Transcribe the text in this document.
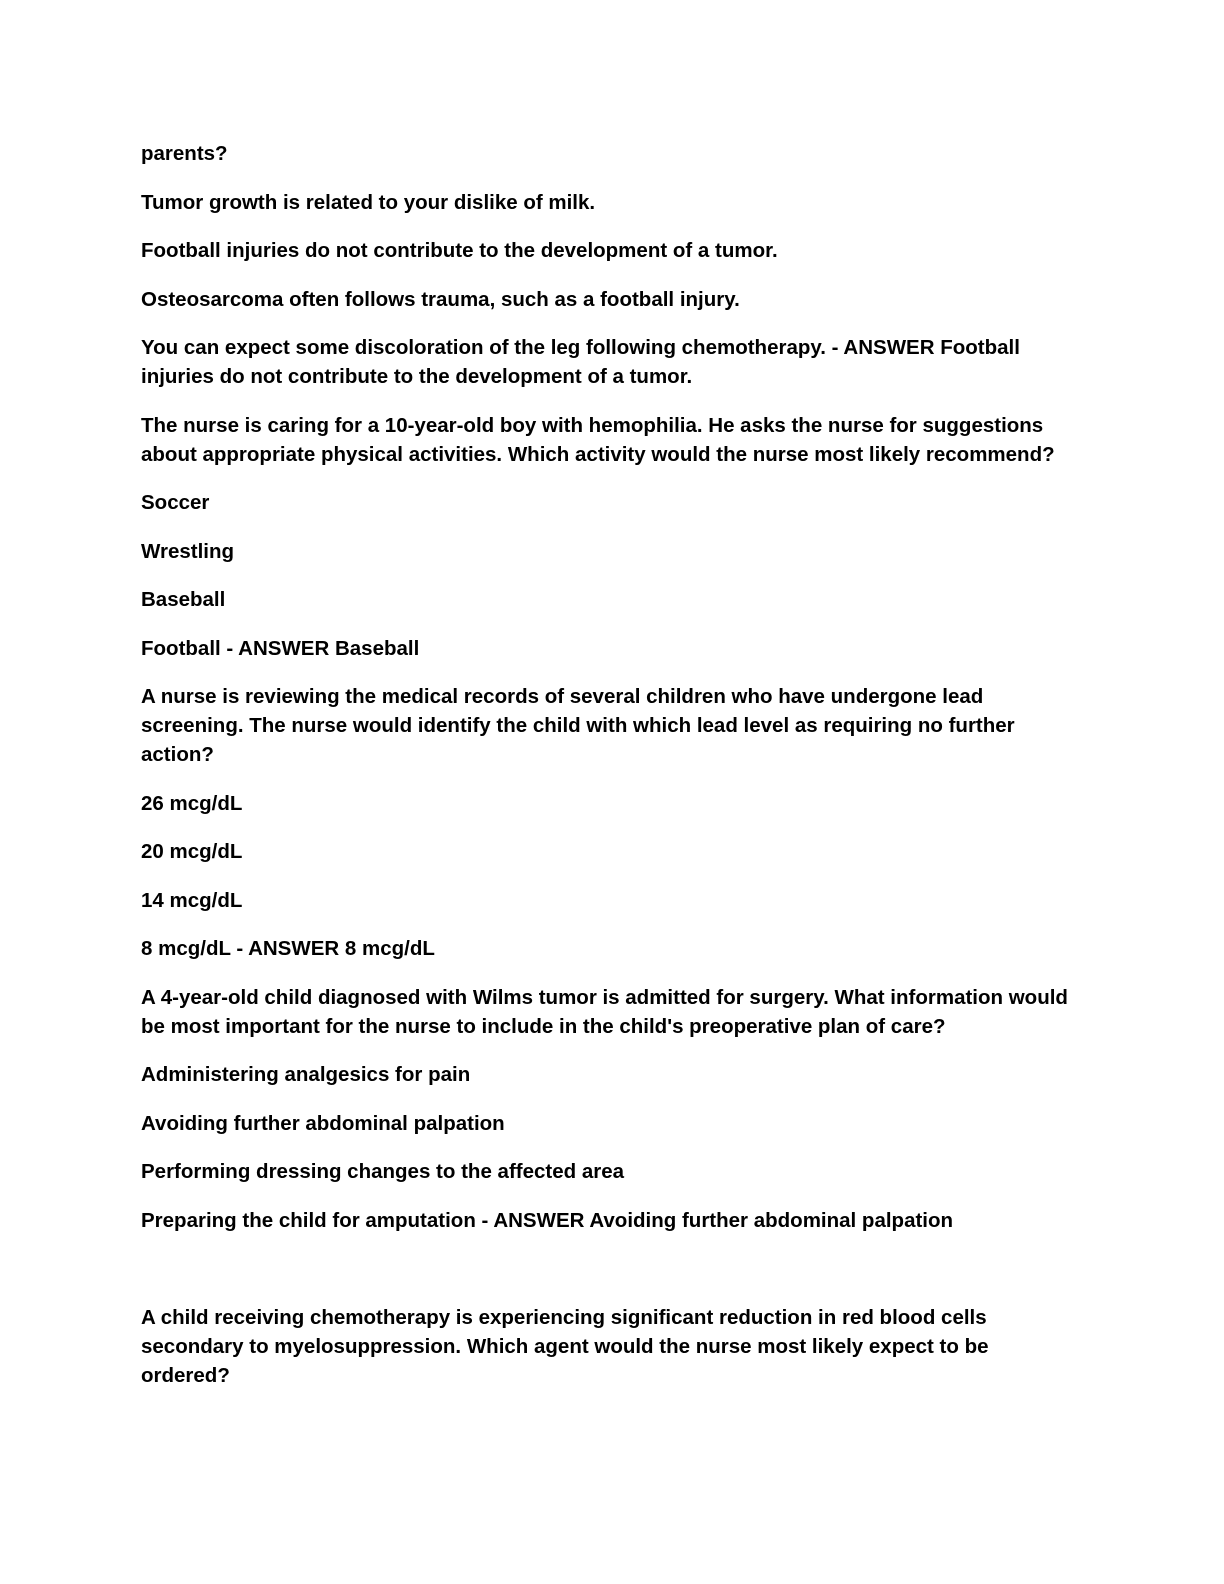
parents?

Tumor growth is related to your dislike of milk.

Football injuries do not contribute to the development of a tumor.

Osteosarcoma often follows trauma, such as a football injury.

You can expect some discoloration of the leg following chemotherapy. - ANSWER Football injuries do not contribute to the development of a tumor.

The nurse is caring for a 10-year-old boy with hemophilia. He asks the nurse for suggestions about appropriate physical activities. Which activity would the nurse most likely recommend?

Soccer

Wrestling

Baseball

Football - ANSWER Baseball

A nurse is reviewing the medical records of several children who have undergone lead screening. The nurse would identify the child with which lead level as requiring no further action?

26 mcg/dL

20 mcg/dL

14 mcg/dL

8 mcg/dL - ANSWER 8 mcg/dL

A 4-year-old child diagnosed with Wilms tumor is admitted for surgery. What information would be most important for the nurse to include in the child's preoperative plan of care?

Administering analgesics for pain

Avoiding further abdominal palpation

Performing dressing changes to the affected area

Preparing the child for amputation - ANSWER Avoiding further abdominal palpation

A child receiving chemotherapy is experiencing significant reduction in red blood cells secondary to myelosuppression. Which agent would the nurse most likely expect to be ordered?
